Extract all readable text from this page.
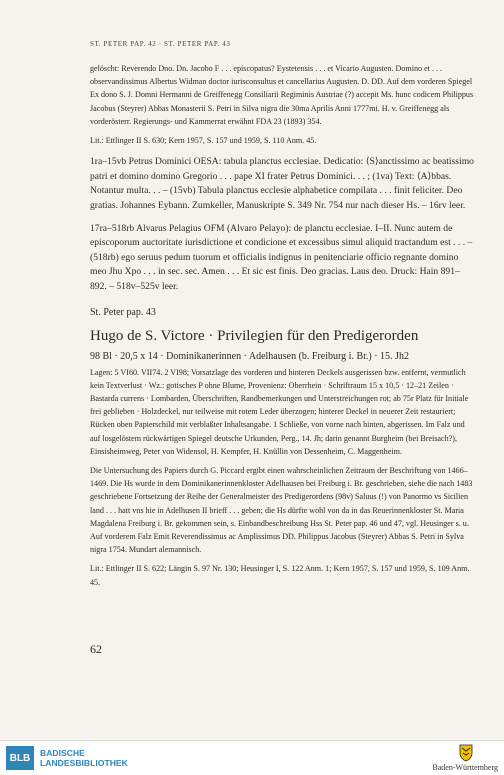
ST. PETER PAP. 42 · ST. PETER PAP. 43

gelöscht: Reverendo Dno. Dn. Jacobo F . . . episcopatus? Eystetensis . . . et Vicario Augusten. Domino et . . . observandissimus Albertus Widman doctor iurisconsultus et cancellarius Augusten. D. DD. Auf dem vorderen Spiegel Ex dono S. J. Domni Hermanni de Greiffenegg Consiliarii Regiminis Austriae (?) accepit Ms. hunc codicem Philippus Jacobus (Steyrer) Abbas Monasterii S. Petri in Silva nigra die 30ma Aprilis Anni 1777mi. H. v. Greiffenegg als vorderösterr. Regierungs- und Kammerrat erwähnt FDA 23 (1893) 354.

Lit.: Ettlinger II S. 630; Kern 1957, S. 157 und 1959, S. 110 Anm. 45.

1ra–15vb Petrus Dominici OESA: tabula planctus ecclesiae. Dedicatio: ⟨S⟩anctissimo ac beatissimo patri et domino domino Gregorio . . . pape XI frater Petrus Dominici. . . ; (1va) Text: ⟨A⟩bbas. Notantur multa. . . – (15vb) Tabula planctus ecclesie alphabetice compilata . . . finit feliciter. Deo gratias. Johannes Eybann. Zumkeller, Manuskripte S. 349 Nr. 754 nur nach dieser Hs. – 16rv leer.

17ra–518rb Alvarus Pelagius OFM (Alvaro Pelayo): de planctu ecclesiae. I–II. Nunc autem de episcoporum auctoritate iurisdictione et condicione et excessibus simul aliquid tractandum est . . . – (518rb) ego seruus pedum tuorum et officialis indignus in penitenciarie officio regnante domino meo Jhu Xpo . . . in sec. sec. Amen . . . Et sic est finis. Deo gracias. Laus deo. Druck: Hain 891–892. – 518v–525v leer.

St. Peter pap. 43
Hugo de S. Victore · Privilegien für den Predigerorden
98 Bl · 20,5 x 14 · Dominikanerinnen · Adelhausen (b. Freiburg i. Br.) · 15. Jh2

Lagen: 5 VI60. VII74. 2 VI98; Vorsatzlage des vorderen und hinteren Deckels ausgerissen bzw. entfernt, vermutlich kein Textverlust · Wz.: gotisches P ohne Blume, Provenienz: Oberrhein · Schriftraum 15 x 10,5 · 12–21 Zeilen · Bastarda currens · Lombarden, Überschriften, Randbemerkungen und Unterstreichungen rot; ab 75r Platz für Initiale frei geblieben · Holzdeckel, nur teilweise mit rotem Leder überzogen; hinterer Deckel in neuerer Zeit restauriert; Rücken oben Papierschild mit verblaßter Inhaltsangabe. 1 Schließe, von vorne nach hinten, abgerissen. Im Falz und auf losgelöstem rückwärtigen Spiegel deutsche Urkunden, Perg., 14. Jh; darin genannt Burgheim (bei Breisach?), Einsisheimweg, Peter von Widensol, H. Kempfer, H. Knüllin von Dessenheim, C. Maggenheim.

Die Untersuchung des Papiers durch G. Piccard ergibt einen wahrscheinlichen Zeitraum der Beschriftung von 1466–1469. Die Hs wurde in dem Dominikanerinnenkloster Adelhausen bei Freiburg i. Br. geschrieben, siehe die nach 1483 geschriebene Fortsetzung der Reihe der Generalmeister des Predigerordens (98v) Saluus (!) von Panormo vs Sicilien land . . . hatt vns hie in Adelhusen II brieff . . . geben; die Hs dürfte wohl von da in das Reuerinnenkloster St. Maria Magdalena Freiburg i. Br. gekommen sein, s. Einbandbeschreibung Hss St. Peter pap. 46 und 47, vgl. Heusinger s. u. Auf vorderem Falz Emit Reverendissimus ac Amplissimus DD. Philippus Jacobus (Steyrer) Abbas S. Petri in Sylva nigra 1754. Mundart alemannisch.

Lit.: Ettlinger II S. 622; Längin S. 97 Nr. 130; Heusinger I, S. 122 Anm. 1; Kern 1957, S. 157 und 1959, S. 109 Anm. 45.

62
BLB	BADISCHE
LANDESBIBLIOTHEK	Baden-Württemberg
